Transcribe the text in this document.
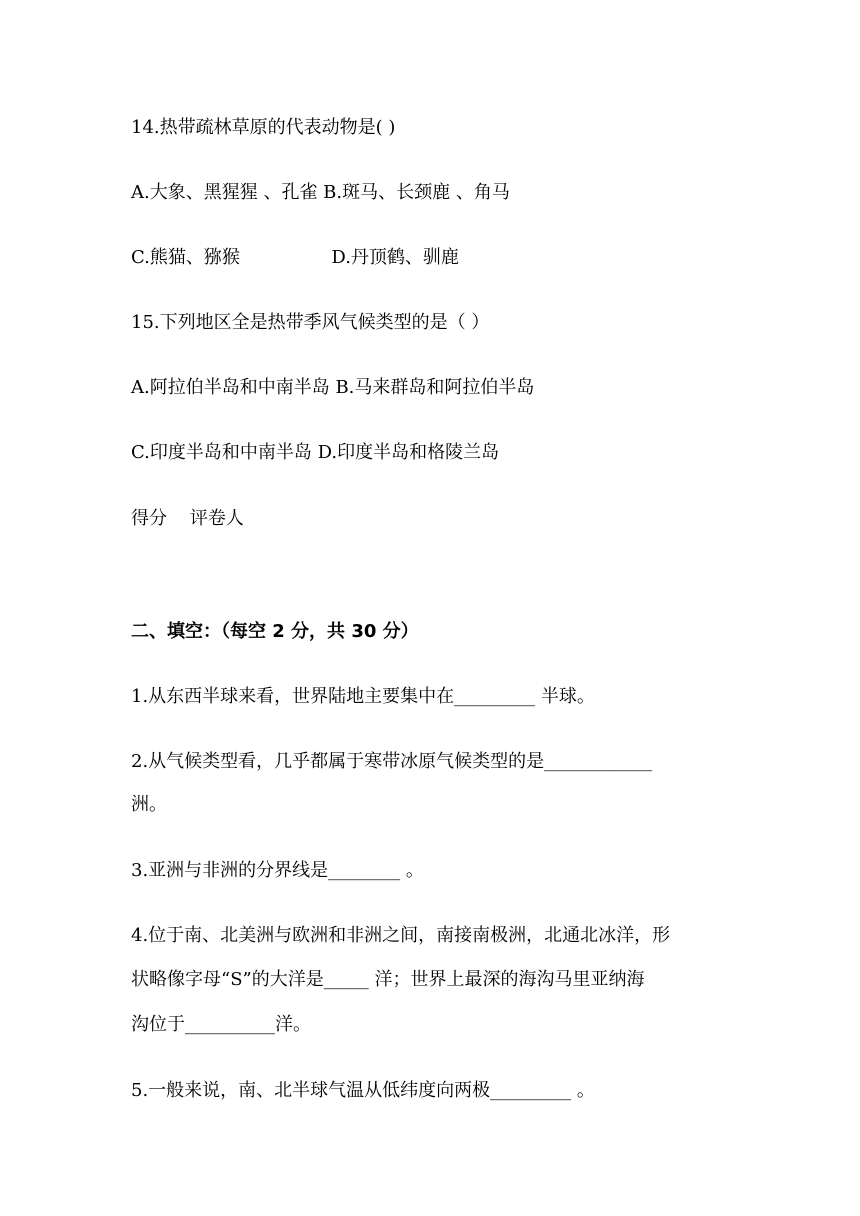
14.热带疏林草原的代表动物是( )
A.大象、黑猩猩 、孔雀 B.斑马、长颈鹿 、角马
C.熊猫、猕猴                D.丹顶鹤、驯鹿
15.下列地区全是热带季风气候类型的是（ ）
A.阿拉伯半岛和中南半岛 B.马来群岛和阿拉伯半岛
C.印度半岛和中南半岛 D.印度半岛和格陵兰岛
得分    评卷人
二、填空：（每空 2 分，共 30 分）
1.从东西半球来看，世界陆地主要集中在_________ 半球。
2.从气候类型看，几乎都属于寒带冰原气候类型的是____________
洲。
3.亚洲与非洲的分界线是________ 。
4.位于南、北美洲与欧洲和非洲之间，南接南极洲，北通北冰洋，形
状略像字母“S”的大洋是_____ 洋；世界上最深的海沟马里亚纳海
沟位于__________洋。
5.一般来说，南、北半球气温从低纬度向两极_________ 。
